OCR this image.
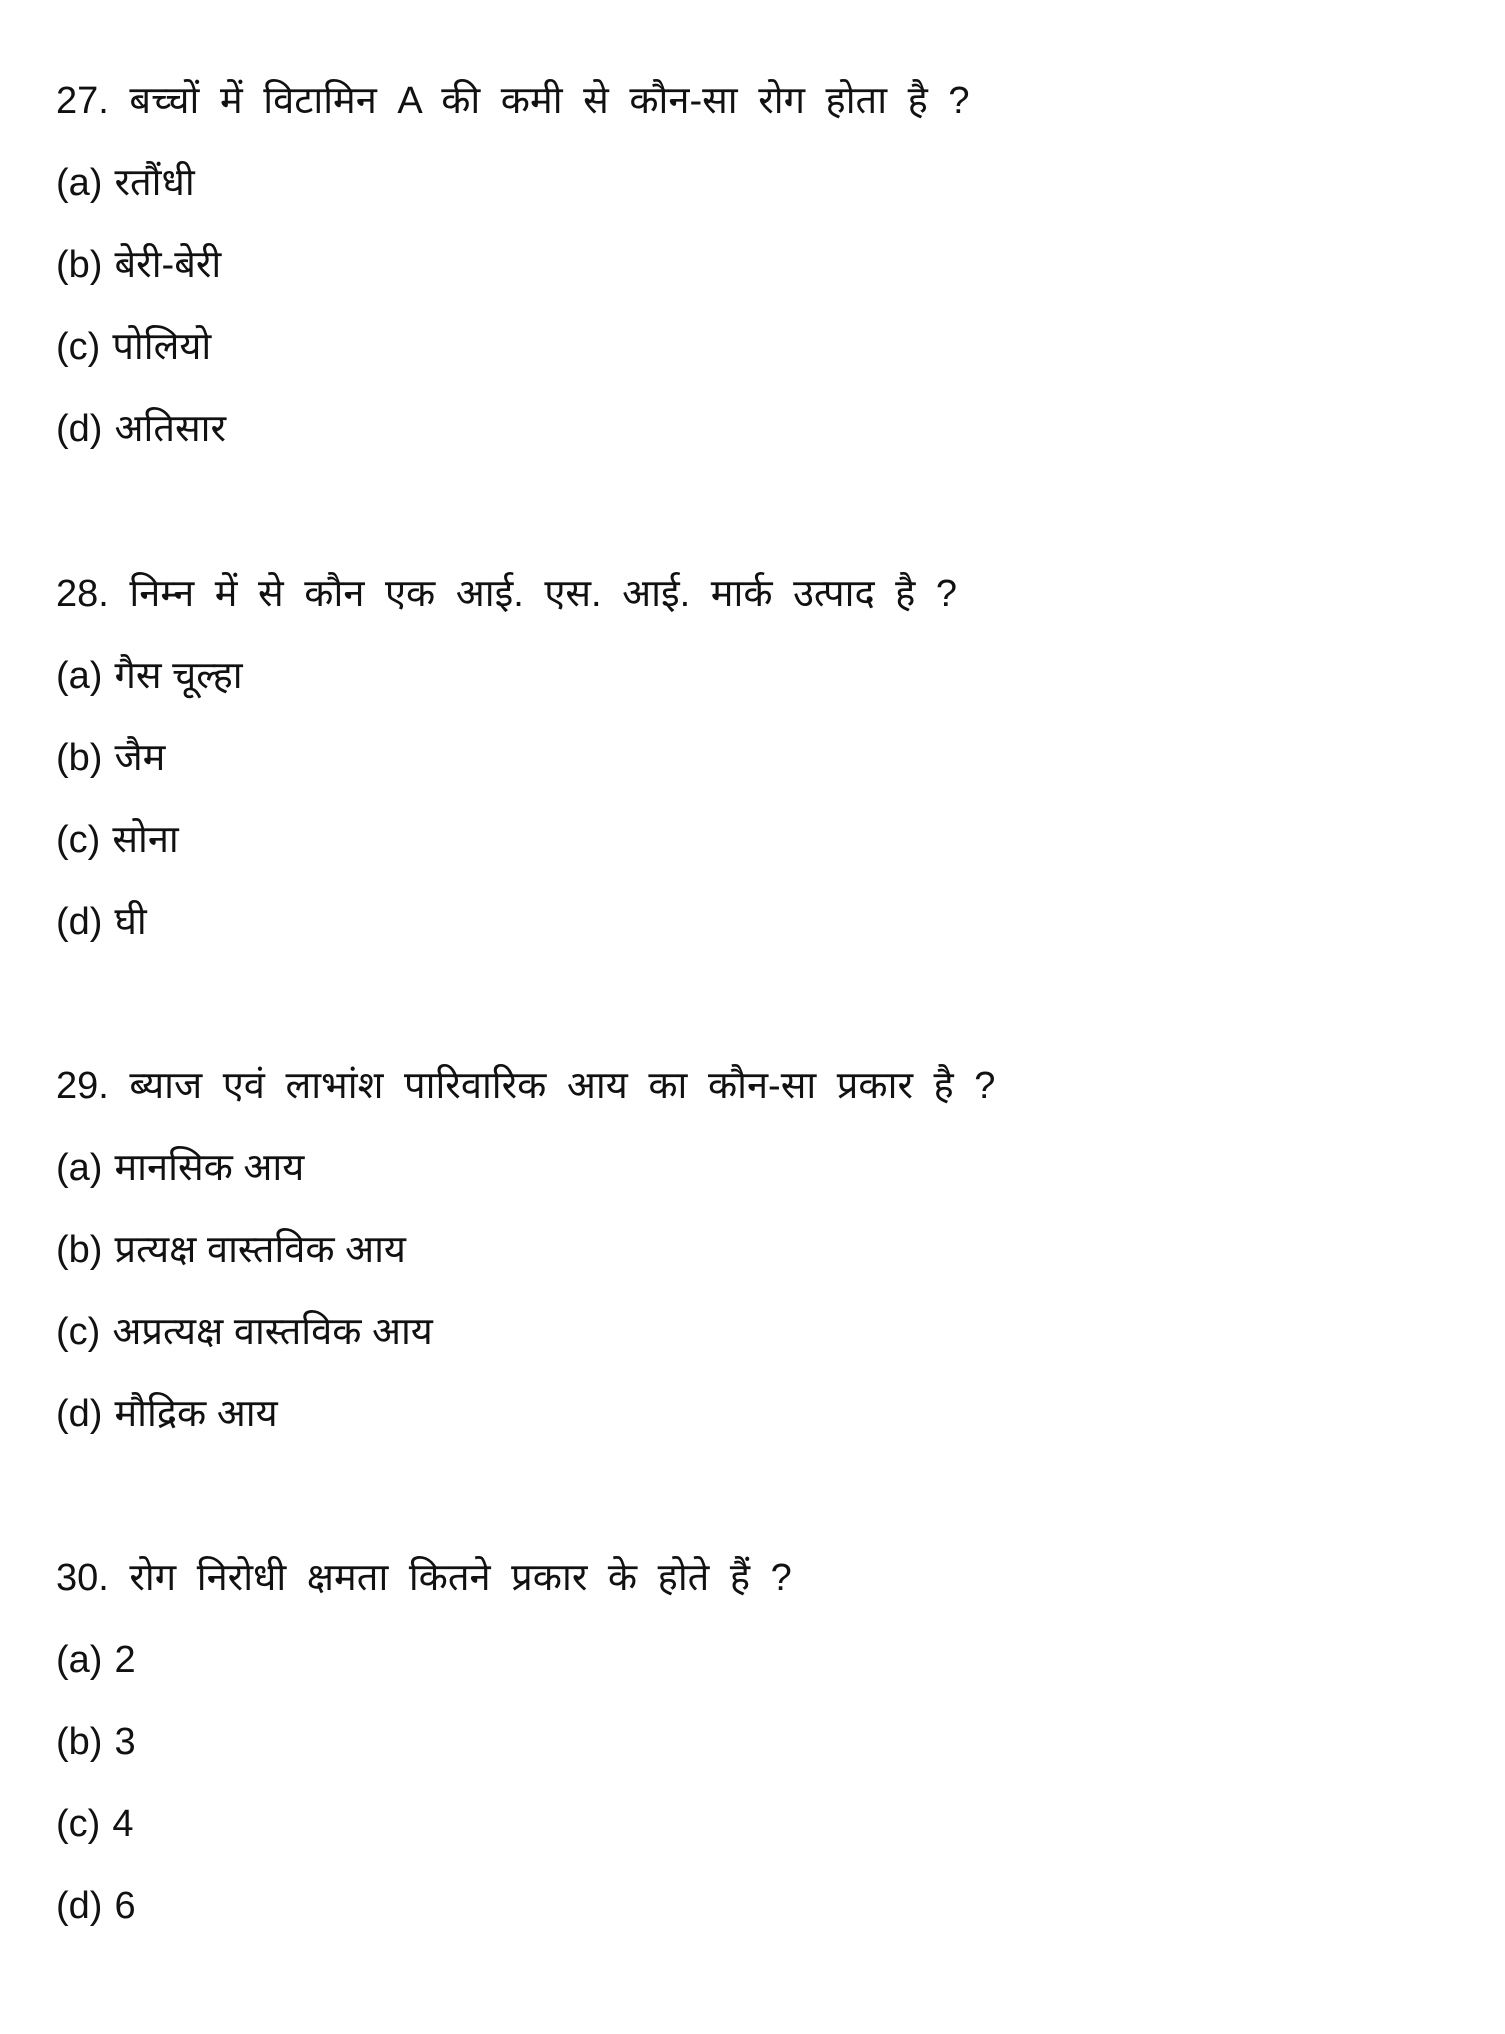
27. बच्चों में विटामिन A की कमी से कौन-सा रोग होता है ?
(a) रतौंधी
(b) बेरी-बेरी
(c) पोलियो
(d) अतिसार
28. निम्न में से कौन एक आई. एस. आई. मार्क उत्पाद है ?
(a) गैस चूल्हा
(b) जैम
(c) सोना
(d) घी
29. ब्याज एवं लाभांश पारिवारिक आय का कौन-सा प्रकार है ?
(a) मानसिक आय
(b) प्रत्यक्ष वास्तविक आय
(c) अप्रत्यक्ष वास्तविक आय
(d) मौद्रिक आय
30. रोग निरोधी क्षमता कितने प्रकार के होते हैं ?
(a) 2
(b) 3
(c) 4
(d) 6
